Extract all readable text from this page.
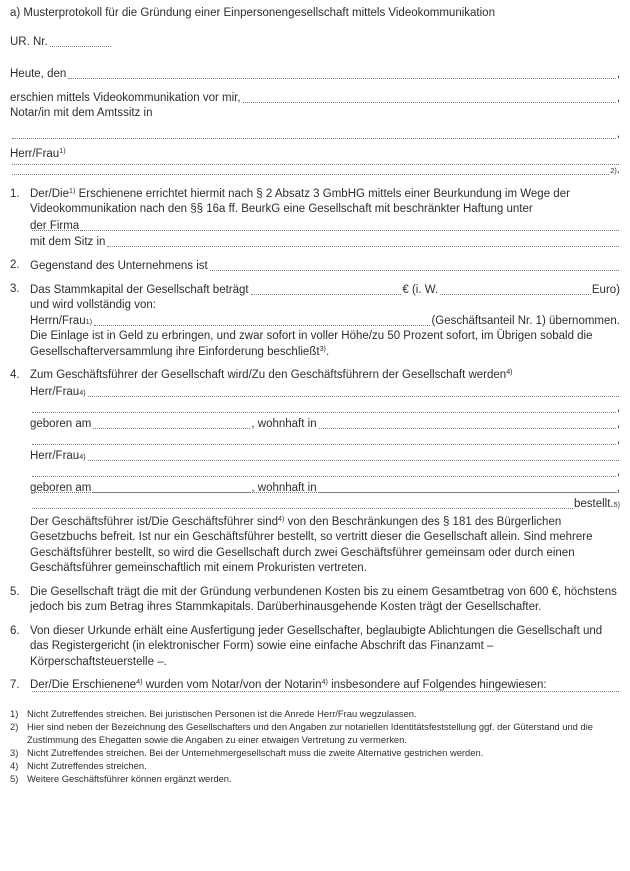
a) Musterprotokoll für die Gründung einer Einpersonengesellschaft mittels Videokommunikation
UR. Nr.
Heute, den	,
erschien mittels Videokommunikation vor mir,	,
Notar/in mit dem Amtssitz in
,
Herr/Frau$^{1)}$
2) .
1. Der/Die$^{1)}$ Erschienene errichtet hiermit nach § 2 Absatz 3 GmbHG mittels einer Beurkundung im Wege der Videokommunikation nach den §§ 16a ff. BeurkG eine Gesellschaft mit beschränkter Haftung unter
der Firma
mit dem Sitz in
2. Gegenstand des Unternehmens ist
3. Das Stammkapital der Gesellschaft beträgt	€ (i. W.	Euro)
und wird vollständig von:
Herrn/Frau 1)	(Geschäftsanteil Nr. 1) übernommen.
Die Einlage ist in Geld zu erbringen, und zwar sofort in voller Höhe/zu 50 Prozent sofort, im Übrigen sobald die Gesellschafterversammlung ihre Einforderung beschließt$^{3)}$.
4. Zum Geschäftsführer der Gesellschaft wird/Zu den Geschäftsführern der Gesellschaft werden$^{4)}$
Herr/Frau 4)
,
geboren am	, wohnhaft in	,
,
Herr/Frau 4)
,
geboren am	, wohnhaft in	,
bestellt. 5)
Der Geschäftsführer ist/Die Geschäftsführer sind$^{4)}$ von den Beschränkungen des § 181 des Bürgerlichen Gesetzbuchs befreit. Ist nur ein Geschäftsführer bestellt, so vertritt dieser die Gesellschaft allein. Sind mehrere Geschäftsführer bestellt, so wird die Gesellschaft durch zwei Geschäftsführer gemeinsam oder durch einen Geschäftsführer gemeinschaftlich mit einem Prokuristen vertreten.
5. Die Gesellschaft trägt die mit der Gründung verbundenen Kosten bis zu einem Gesamtbetrag von 600 €, höchstens jedoch bis zum Betrag ihres Stammkapitals. Darüberhinausgehende Kosten trägt der Gesellschafter.
6. Von dieser Urkunde erhält eine Ausfertigung jeder Gesellschafter, beglaubigte Ablichtungen die Gesellschaft und das Registergericht (in elektronischer Form) sowie eine einfache Abschrift das Finanzamt – Körperschaftsteuerstelle –.
7. Der/Die Erschienene$^{4)}$ wurden vom Notar/von der Notarin$^{4)}$ insbesondere auf Folgendes hingewiesen:
1) Nicht Zutreffendes streichen. Bei juristischen Personen ist die Anrede Herr/Frau wegzulassen.
2) Hier sind neben der Bezeichnung des Gesellschafters und den Angaben zur notariellen Identitätsfeststellung ggf. der Güterstand und die Zustimmung des Ehegatten sowie die Angaben zu einer etwaigen Vertretung zu vermerken.
3) Nicht Zutreffendes streichen. Bei der Unternehmergesellschaft muss die zweite Alternative gestrichen werden.
4) Nicht Zutreffendes streichen.
5) Weitere Geschäftsführer können ergänzt werden.
